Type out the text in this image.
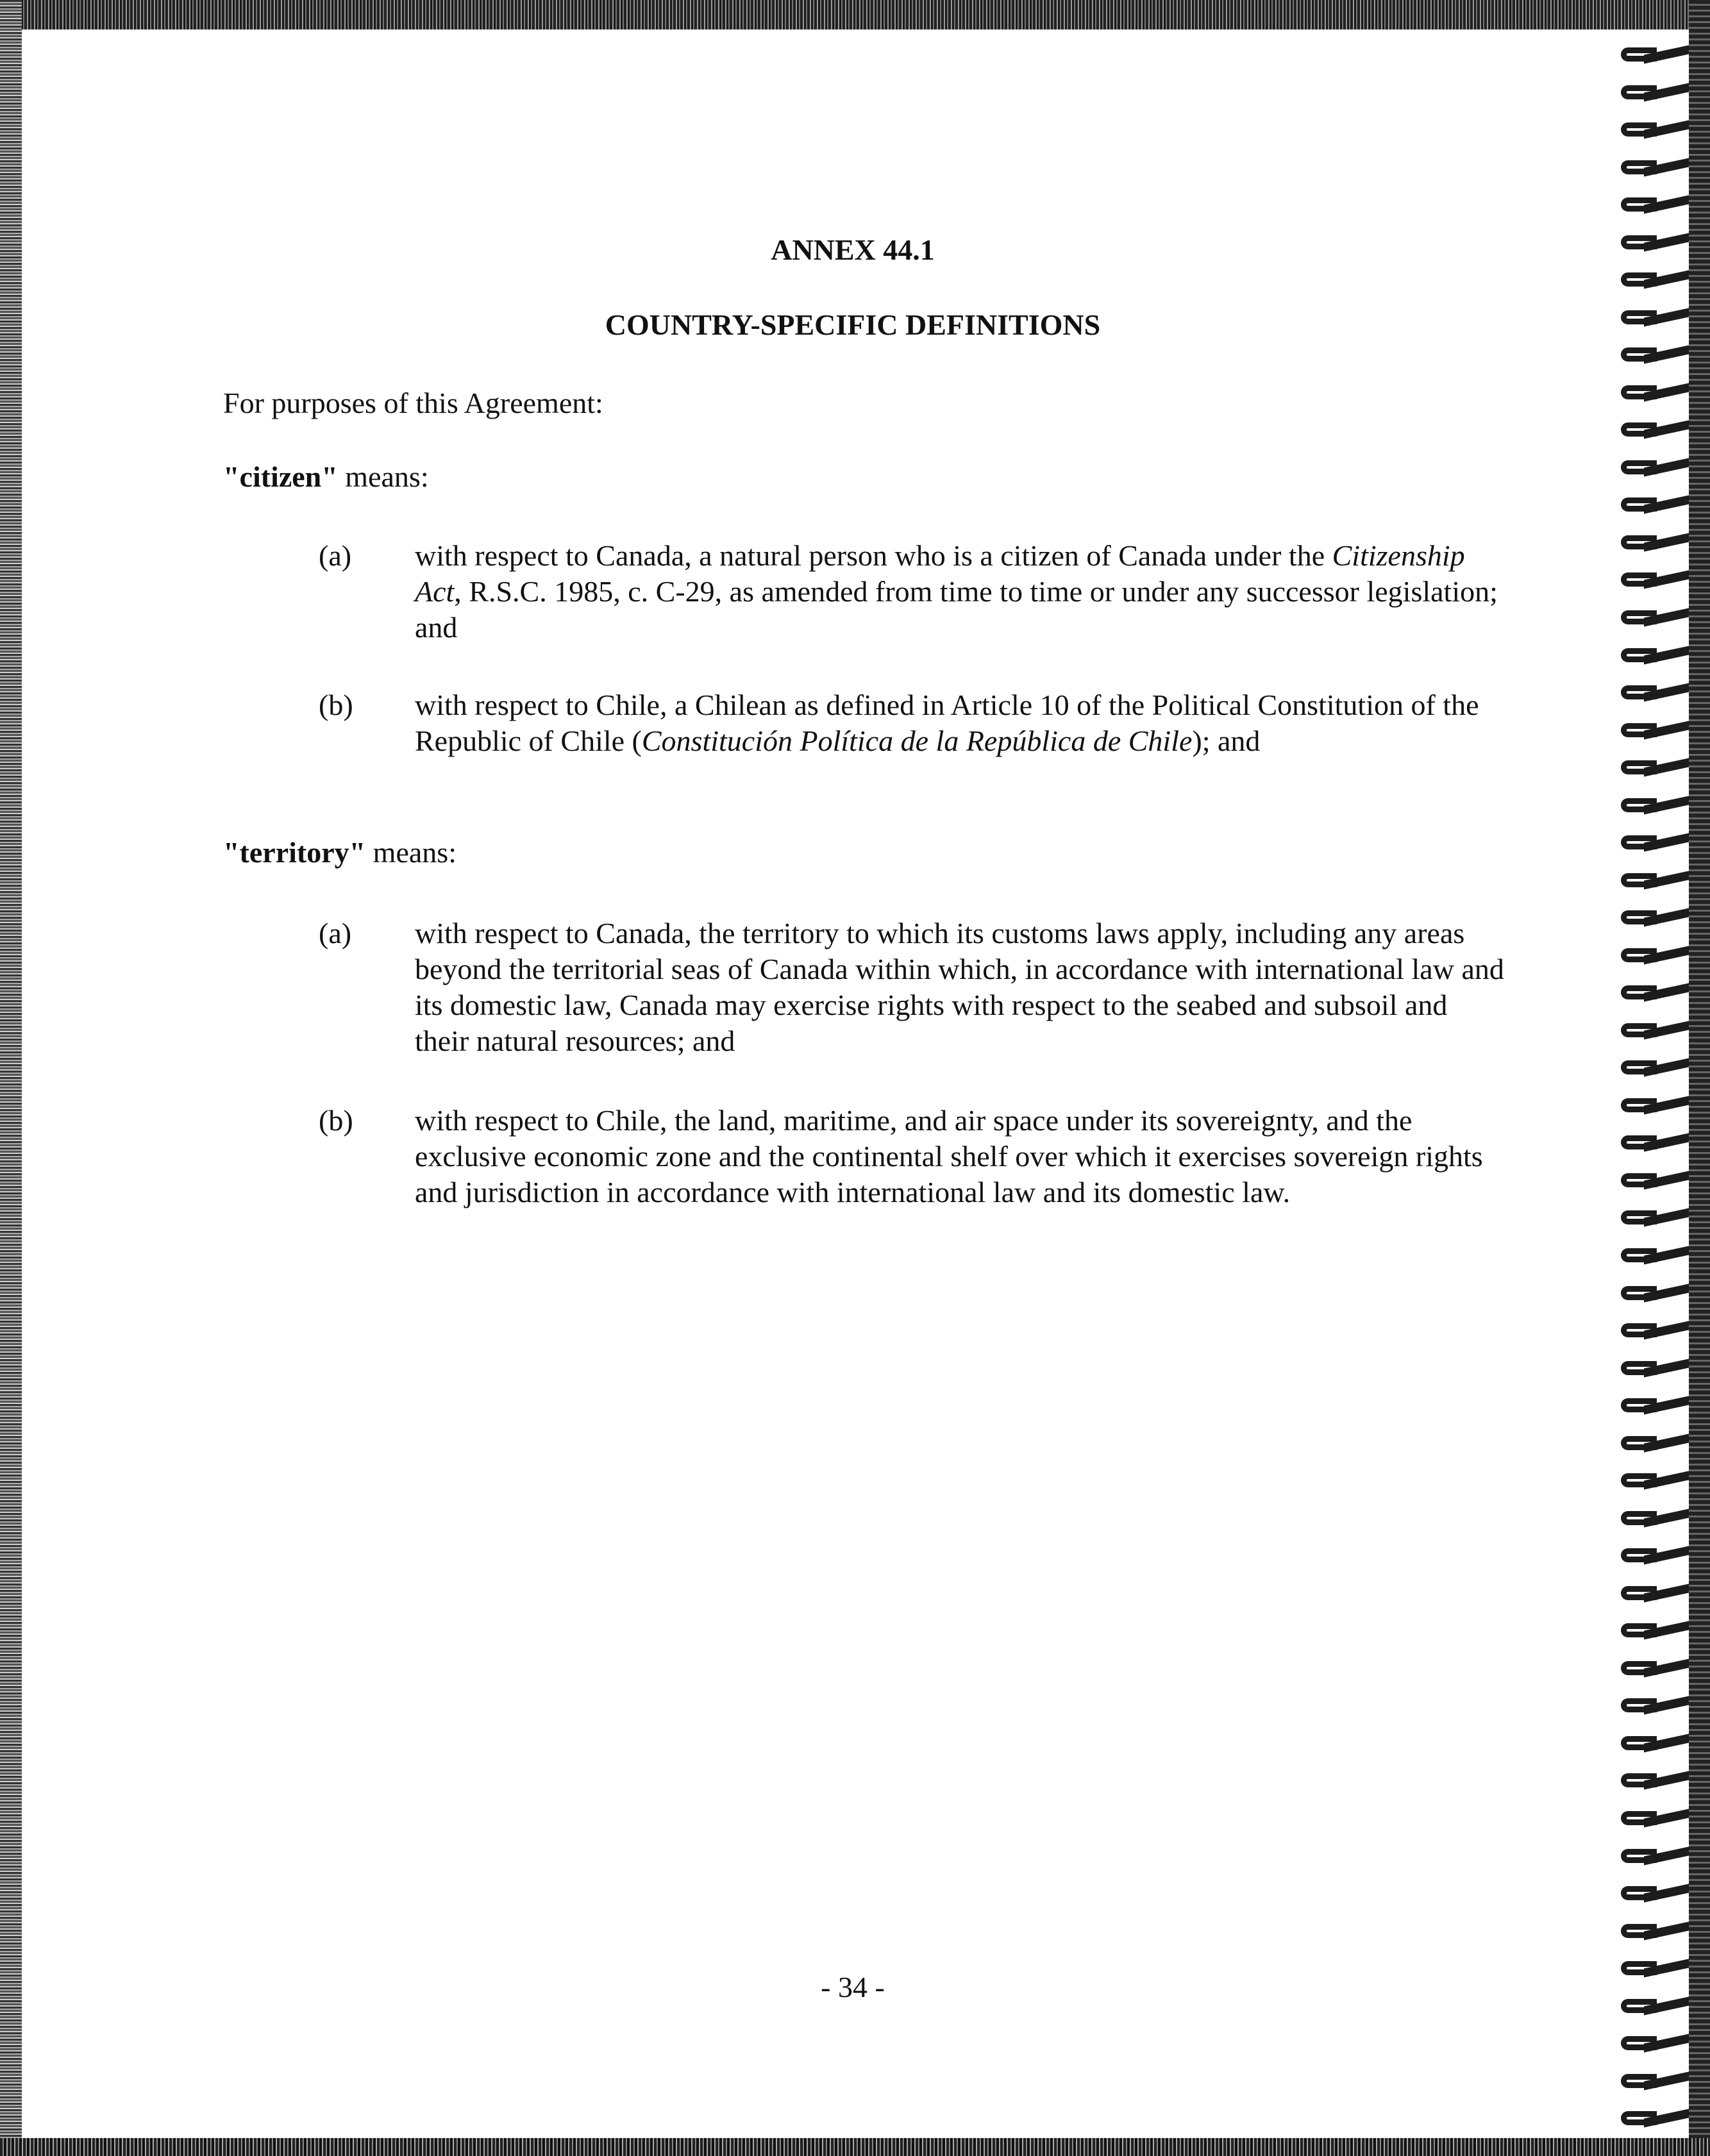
ANNEX 44.1
COUNTRY-SPECIFIC DEFINITIONS
For purposes of this Agreement:
"citizen" means:
(a) with respect to Canada, a natural person who is a citizen of Canada under the Citizenship Act, R.S.C. 1985, c. C-29, as amended from time to time or under any successor legislation; and
(b) with respect to Chile, a Chilean as defined in Article 10 of the Political Constitution of the Republic of Chile (Constitución Política de la República de Chile); and
"territory" means:
(a) with respect to Canada, the territory to which its customs laws apply, including any areas beyond the territorial seas of Canada within which, in accordance with international law and its domestic law, Canada may exercise rights with respect to the seabed and subsoil and their natural resources; and
(b) with respect to Chile, the land, maritime, and air space under its sovereignty, and the exclusive economic zone and the continental shelf over which it exercises sovereign rights and jurisdiction in accordance with international law and its domestic law.
- 34 -
